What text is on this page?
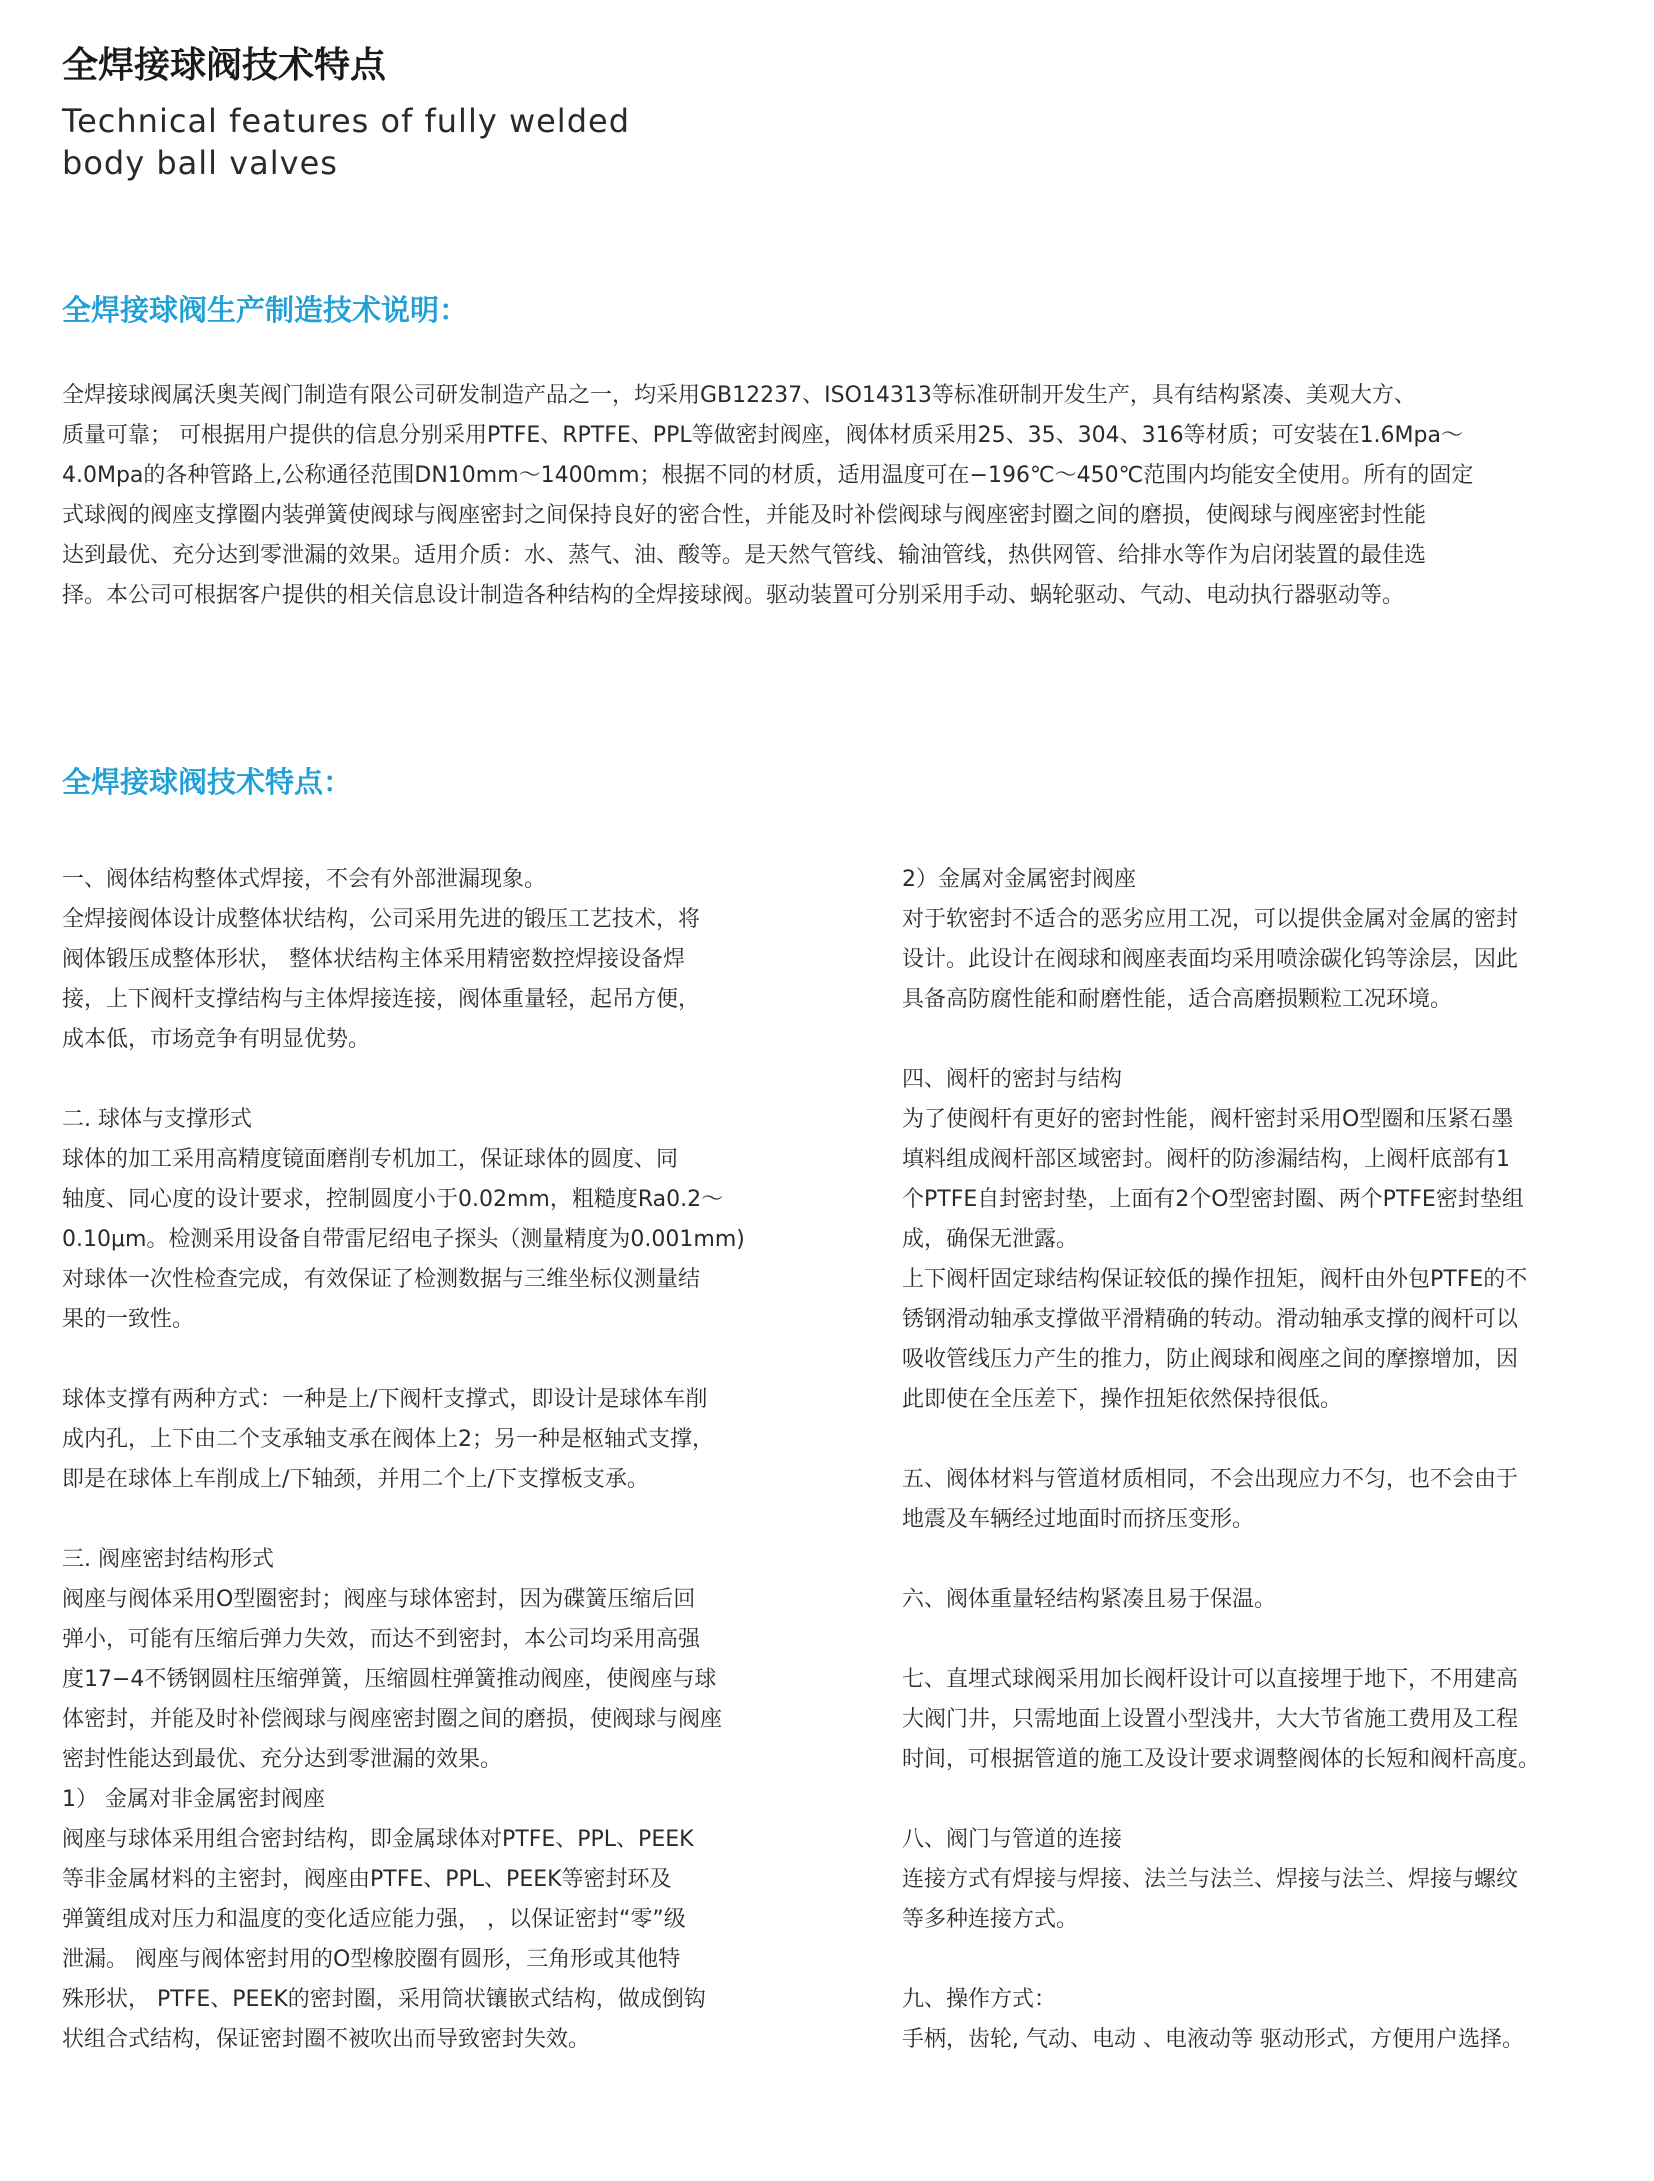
全焊接球阀技术特点
Technical features of fully welded
body ball valves
全焊接球阀生产制造技术说明：

全焊接球阀属沃奥芙阀门制造有限公司研发制造产品之一，均采用GB12237、ISO14313等标准研制开发生产，具有结构紧凑、美观大方、
质量可靠； 可根据用户提供的信息分别采用PTFE、RPTFE、PPL等做密封阀座，阀体材质采用25、35、304、316等材质；可安装在1.6Mpa～
4.0Mpa的各种管路上,公称通径范围DN10mm～1400mm；根据不同的材质，适用温度可在−196℃～450℃范围内均能安全使用。所有的固定
式球阀的阀座支撑圈内装弹簧使阀球与阀座密封之间保持良好的密合性，并能及时补偿阀球与阀座密封圈之间的磨损，使阀球与阀座密封性能
达到最优、充分达到零泄漏的效果。适用介质：水、蒸气、油、酸等。是天然气管线、输油管线，热供网管、给排水等作为启闭装置的最佳选
择。本公司可根据客户提供的相关信息设计制造各种结构的全焊接球阀。驱动装置可分别采用手动、蜗轮驱动、气动、电动执行器驱动等。

全焊接球阀技术特点：
一、阀体结构整体式焊接，不会有外部泄漏现象。
全焊接阀体设计成整体状结构，公司采用先进的锻压工艺技术，将
阀体锻压成整体形状， 整体状结构主体采用精密数控焊接设备焊
接，上下阀杆支撑结构与主体焊接连接，阀体重量轻，起吊方便，
成本低，市场竞争有明显优势。
二. 球体与支撑形式
球体的加工采用高精度镜面磨削专机加工，保证球体的圆度、同
轴度、同心度的设计要求，控制圆度小于0.02mm，粗糙度Ra0.2～
0.10μm。检测采用设备自带雷尼绍电子探头（测量精度为0.001mm)
对球体一次性检查完成，有效保证了检测数据与三维坐标仪测量结
果的一致性。
球体支撑有两种方式：一种是上/下阀杆支撑式，即设计是球体车削
成内孔，上下由二个支承轴支承在阀体上2；另一种是枢轴式支撑，
即是在球体上车削成上/下轴颈，并用二个上/下支撑板支承。
三. 阀座密封结构形式
阀座与阀体采用O型圈密封；阀座与球体密封，因为碟簧压缩后回
弹小，可能有压缩后弹力失效，而达不到密封，本公司均采用高强
度17−4不锈钢圆柱压缩弹簧，压缩圆柱弹簧推动阀座，使阀座与球
体密封，并能及时补偿阀球与阀座密封圈之间的磨损，使阀球与阀座
密封性能达到最优、充分达到零泄漏的效果。
1） 金属对非金属密封阀座
阀座与球体采用组合密封结构，即金属球体对PTFE、PPL、PEEK
等非金属材料的主密封，阀座由PTFE、PPL、PEEK等密封环及
弹簧组成对压力和温度的变化适应能力强， ，以保证密封“零”级
泄漏。 阀座与阀体密封用的O型橡胶圈有圆形，三角形或其他特
殊形状， PTFE、PEEK的密封圈，采用筒状镶嵌式结构，做成倒钩
状组合式结构，保证密封圈不被吹出而导致密封失效。
2）金属对金属密封阀座
对于软密封不适合的恶劣应用工况，可以提供金属对金属的密封
设计。此设计在阀球和阀座表面均采用喷涂碳化钨等涂层，因此
具备高防腐性能和耐磨性能，适合高磨损颗粒工况环境。
四、阀杆的密封与结构
为了使阀杆有更好的密封性能，阀杆密封采用O型圈和压紧石墨
填料组成阀杆部区域密封。阀杆的防渗漏结构，上阀杆底部有1
个PTFE自封密封垫，上面有2个O型密封圈、两个PTFE密封垫组
成，确保无泄露。
上下阀杆固定球结构保证较低的操作扭矩，阀杆由外包PTFE的不
锈钢滑动轴承支撑做平滑精确的转动。滑动轴承支撑的阀杆可以
吸收管线压力产生的推力，防止阀球和阀座之间的摩擦增加，因
此即使在全压差下，操作扭矩依然保持很低。
五、阀体材料与管道材质相同，不会出现应力不匀，也不会由于
地震及车辆经过地面时而挤压变形。
六、阀体重量轻结构紧凑且易于保温。
七、直埋式球阀采用加长阀杆设计可以直接埋于地下，不用建高
大阀门井，只需地面上设置小型浅井，大大节省施工费用及工程
时间，可根据管道的施工及设计要求调整阀体的长短和阀杆高度。
八、阀门与管道的连接
连接方式有焊接与焊接、法兰与法兰、焊接与法兰、焊接与螺纹
等多种连接方式。
九、操作方式：
手柄，齿轮, 气动、电动 、电液动等 驱动形式，方便用户选择。
